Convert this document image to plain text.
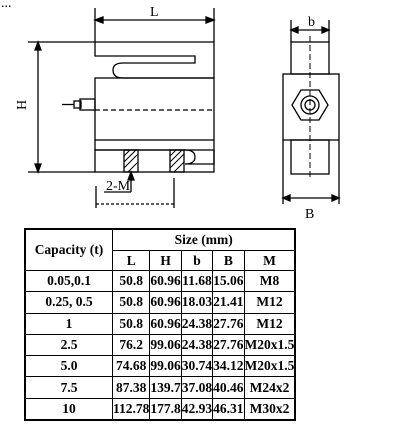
...
L
H
b
B
2-M
Capacity (t)	Size (mm)				
	L	H	b	B	M
0.05,0.1	50.8	60.96	11.68	15.06	M8
0.25, 0.5	50.8	60.96	18.03	21.41	M12
1	50.8	60.96	24.38	27.76	M12
2.5	76.2	99.06	24.38	27.76	M20x1.5
5.0	74.68	99.06	30.74	34.12	M20x1.5
7.5	87.38	139.7	37.08	40.46	M24x2
10	112.78	177.8	42.93	46.31	M30x2
